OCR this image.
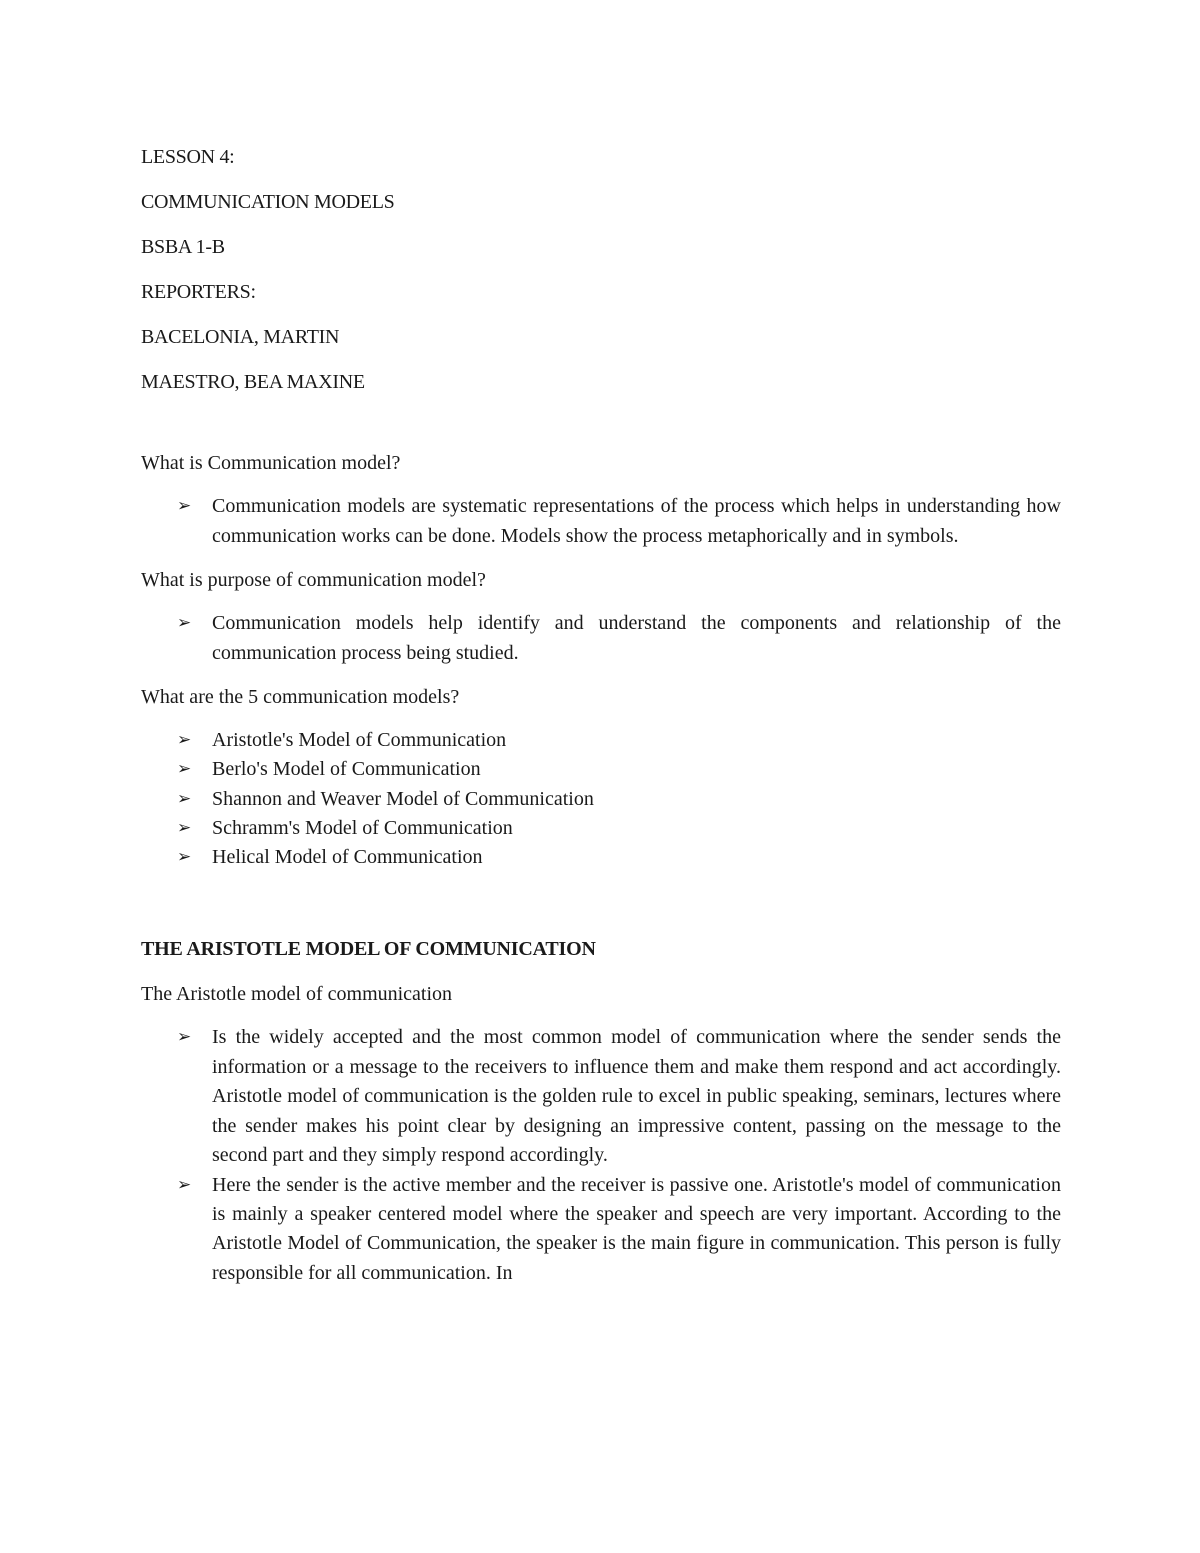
LESSON 4:

COMMUNICATION MODELS

BSBA 1-B

REPORTERS:

BACELONIA, MARTIN

MAESTRO, BEA MAXINE

What is Communication model?

➢ Communication models are systematic representations of the process which helps in understanding how communication works can be done. Models show the process metaphorically and in symbols.

What is purpose of communication model?

➢ Communication models help identify and understand the components and relationship of the communication process being studied.

What are the 5 communication models?

➢ Aristotle's Model of Communication
➢ Berlo's Model of Communication
➢ Shannon and Weaver Model of Communication
➢ Schramm's Model of Communication
➢ Helical Model of Communication

THE ARISTOTLE MODEL OF COMMUNICATION

The Aristotle model of communication

➢ Is the widely accepted and the most common model of communication where the sender sends the information or a message to the receivers to influence them and make them respond and act accordingly. Aristotle model of communication is the golden rule to excel in public speaking, seminars, lectures where the sender makes his point clear by designing an impressive content, passing on the message to the second part and they simply respond accordingly.
➢ Here the sender is the active member and the receiver is passive one. Aristotle's model of communication is mainly a speaker centered model where the speaker and speech are very important. According to the Aristotle Model of Communication, the speaker is the main figure in communication. This person is fully responsible for all communication. In
